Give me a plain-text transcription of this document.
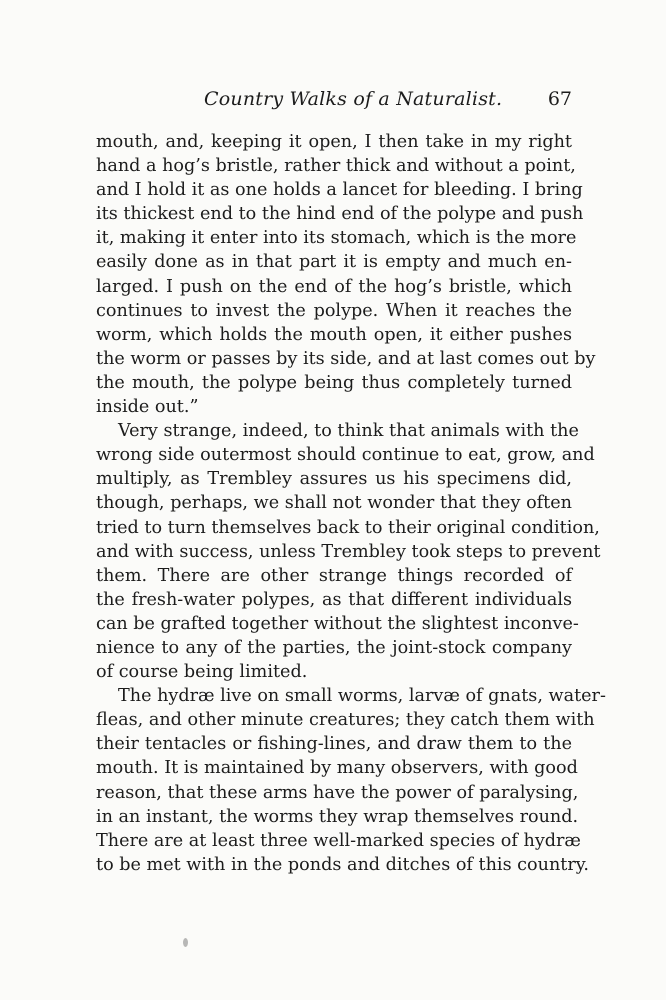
Country Walks of a Naturalist. 67
mouth, and, keeping it open, I then take in my right
hand a hog’s bristle, rather thick and without a point,
and I hold it as one holds a lancet for bleeding. I bring
its thickest end to the hind end of the polype and push
it, making it enter into its stomach, which is the more
easily done as in that part it is empty and much en-
larged. I push on the end of the hog’s bristle, which
continues to invest the polype. When it reaches the
worm, which holds the mouth open, it either pushes
the worm or passes by its side, and at last comes out by
the mouth, the polype being thus completely turned
inside out.”
Very strange, indeed, to think that animals with the
wrong side outermost should continue to eat, grow, and
multiply, as Trembley assures us his specimens did,
though, perhaps, we shall not wonder that they often
tried to turn themselves back to their original condition,
and with success, unless Trembley took steps to prevent
them. There are other strange things recorded of
the fresh-water polypes, as that different individuals
can be grafted together without the slightest inconve-
nience to any of the parties, the joint-stock company
of course being limited.
The hydræ live on small worms, larvæ of gnats, water-
fleas, and other minute creatures; they catch them with
their tentacles or fishing-lines, and draw them to the
mouth. It is maintained by many observers, with good
reason, that these arms have the power of paralysing,
in an instant, the worms they wrap themselves round.
There are at least three well-marked species of hydræ
to be met with in the ponds and ditches of this country.
